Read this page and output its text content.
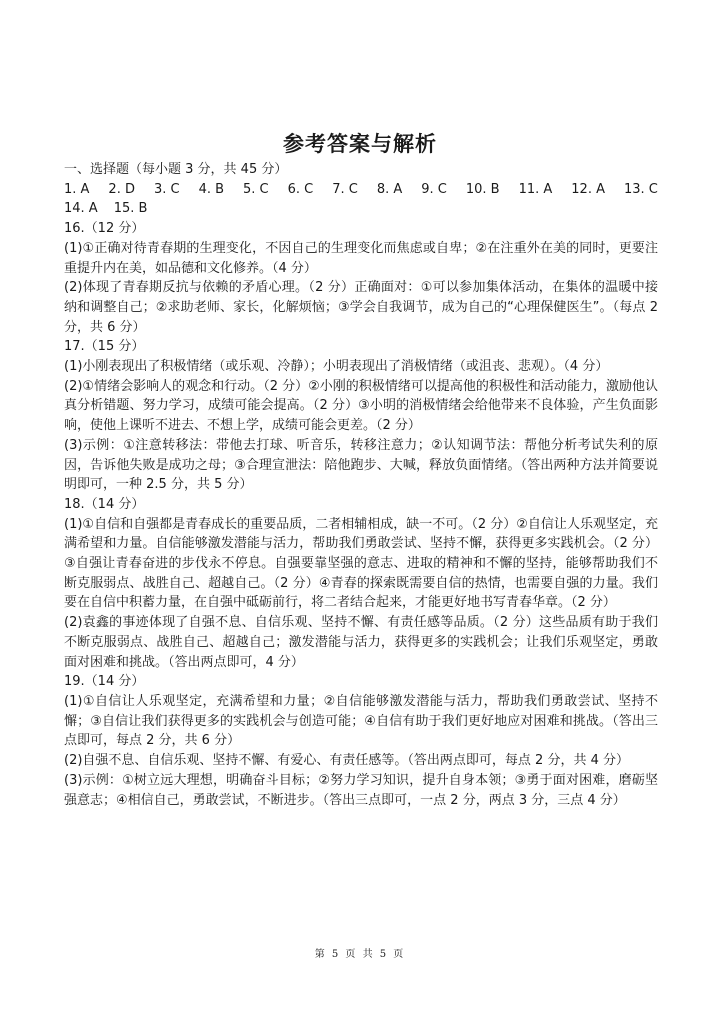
参考答案与解析
一、选择题（每小题 3 分，共 45 分）
1. A 2. D 3. C 4. B 5. C 6. C 7. C 8. A 9. C 10. B 11. A 12. A 13. C
14. A 15. B
16.（12 分）
(1)①正确对待青春期的生理变化，不因自己的生理变化而焦虑或自卑；②在注重外在美的同时，更要注重提升内在美，如品德和文化修养。（4 分）
(2)体现了青春期反抗与依赖的矛盾心理。（2 分）正确面对：①可以参加集体活动，在集体的温暖中接纳和调整自己；②求助老师、家长，化解烦恼；③学会自我调节，成为自己的“心理保健医生”。（每点 2 分，共 6 分）
17.（15 分）
(1)小刚表现出了积极情绪（或乐观、冷静）；小明表现出了消极情绪（或沮丧、悲观）。（4 分）
(2)①情绪会影响人的观念和行动。（2 分）②小刚的积极情绪可以提高他的积极性和活动能力，激励他认真分析错题、努力学习，成绩可能会提高。（2 分）③小明的消极情绪会给他带来不良体验，产生负面影响，使他上课听不进去、不想上学，成绩可能会更差。（2 分）
(3)示例：①注意转移法：带他去打球、听音乐，转移注意力；②认知调节法：帮他分析考试失利的原因，告诉他失败是成功之母；③合理宣泄法：陪他跑步、大喊，释放负面情绪。（答出两种方法并简要说明即可，一种 2.5 分，共 5 分）
18.（14 分）
(1)①自信和自强都是青春成长的重要品质，二者相辅相成，缺一不可。（2 分）②自信让人乐观坚定，充满希望和力量。自信能够激发潜能与活力，帮助我们勇敢尝试、坚持不懈，获得更多实践机会。（2 分）③自强让青春奋进的步伐永不停息。自强要靠坚强的意志、进取的精神和不懈的坚持，能够帮助我们不断克服弱点、战胜自己、超越自己。（2 分）④青春的探索既需要自信的热情，也需要自强的力量。我们要在自信中积蓄力量，在自强中砥砺前行，将二者结合起来，才能更好地书写青春华章。（2 分）
(2)袁鑫的事迹体现了自强不息、自信乐观、坚持不懈、有责任感等品质。（2 分）这些品质有助于我们不断克服弱点、战胜自己、超越自己；激发潜能与活力，获得更多的实践机会；让我们乐观坚定，勇敢面对困难和挑战。（答出两点即可，4 分）
19.（14 分）
(1)①自信让人乐观坚定，充满希望和力量；②自信能够激发潜能与活力，帮助我们勇敢尝试、坚持不懈；③自信让我们获得更多的实践机会与创造可能；④自信有助于我们更好地应对困难和挑战。（答出三点即可，每点 2 分，共 6 分）
(2)自强不息、自信乐观、坚持不懈、有爱心、有责任感等。（答出两点即可，每点 2 分，共 4 分）
(3)示例：①树立远大理想，明确奋斗目标；②努力学习知识，提升自身本领；③勇于面对困难，磨砺坚强意志；④相信自己，勇敢尝试，不断进步。（答出三点即可，一点 2 分，两点 3 分，三点 4 分）
第 5 页 共 5 页
